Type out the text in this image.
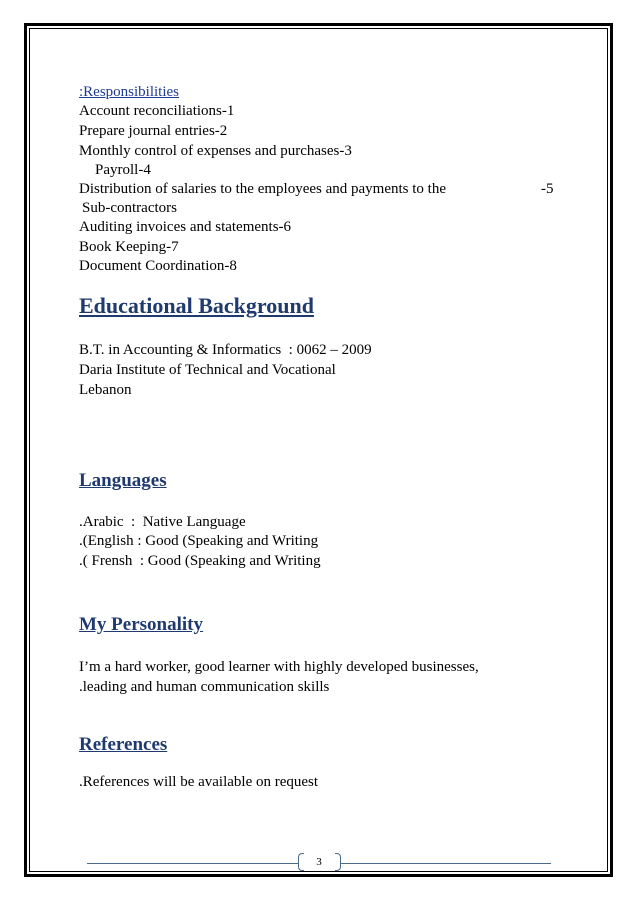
:Responsibilities
Account reconciliations-1
Prepare journal entries-2
Monthly control of expenses and purchases-3
Payroll-4
Distribution of salaries to the employees and payments to the	-5
Sub-contractors
Auditing invoices and statements-6
Book Keeping-7
Document Coordination-8
Educational Background
B.T. in Accounting & Informatics  : 0062 – 2009
Daria Institute of Technical and Vocational
Lebanon
Languages
.Arabic  :  Native Language
.(English : Good (Speaking and Writing
.( Frensh  : Good (Speaking and Writing
My Personality
I’m a hard worker, good learner with highly developed businesses,
.leading and human communication skills
References
.References will be available on request
3
